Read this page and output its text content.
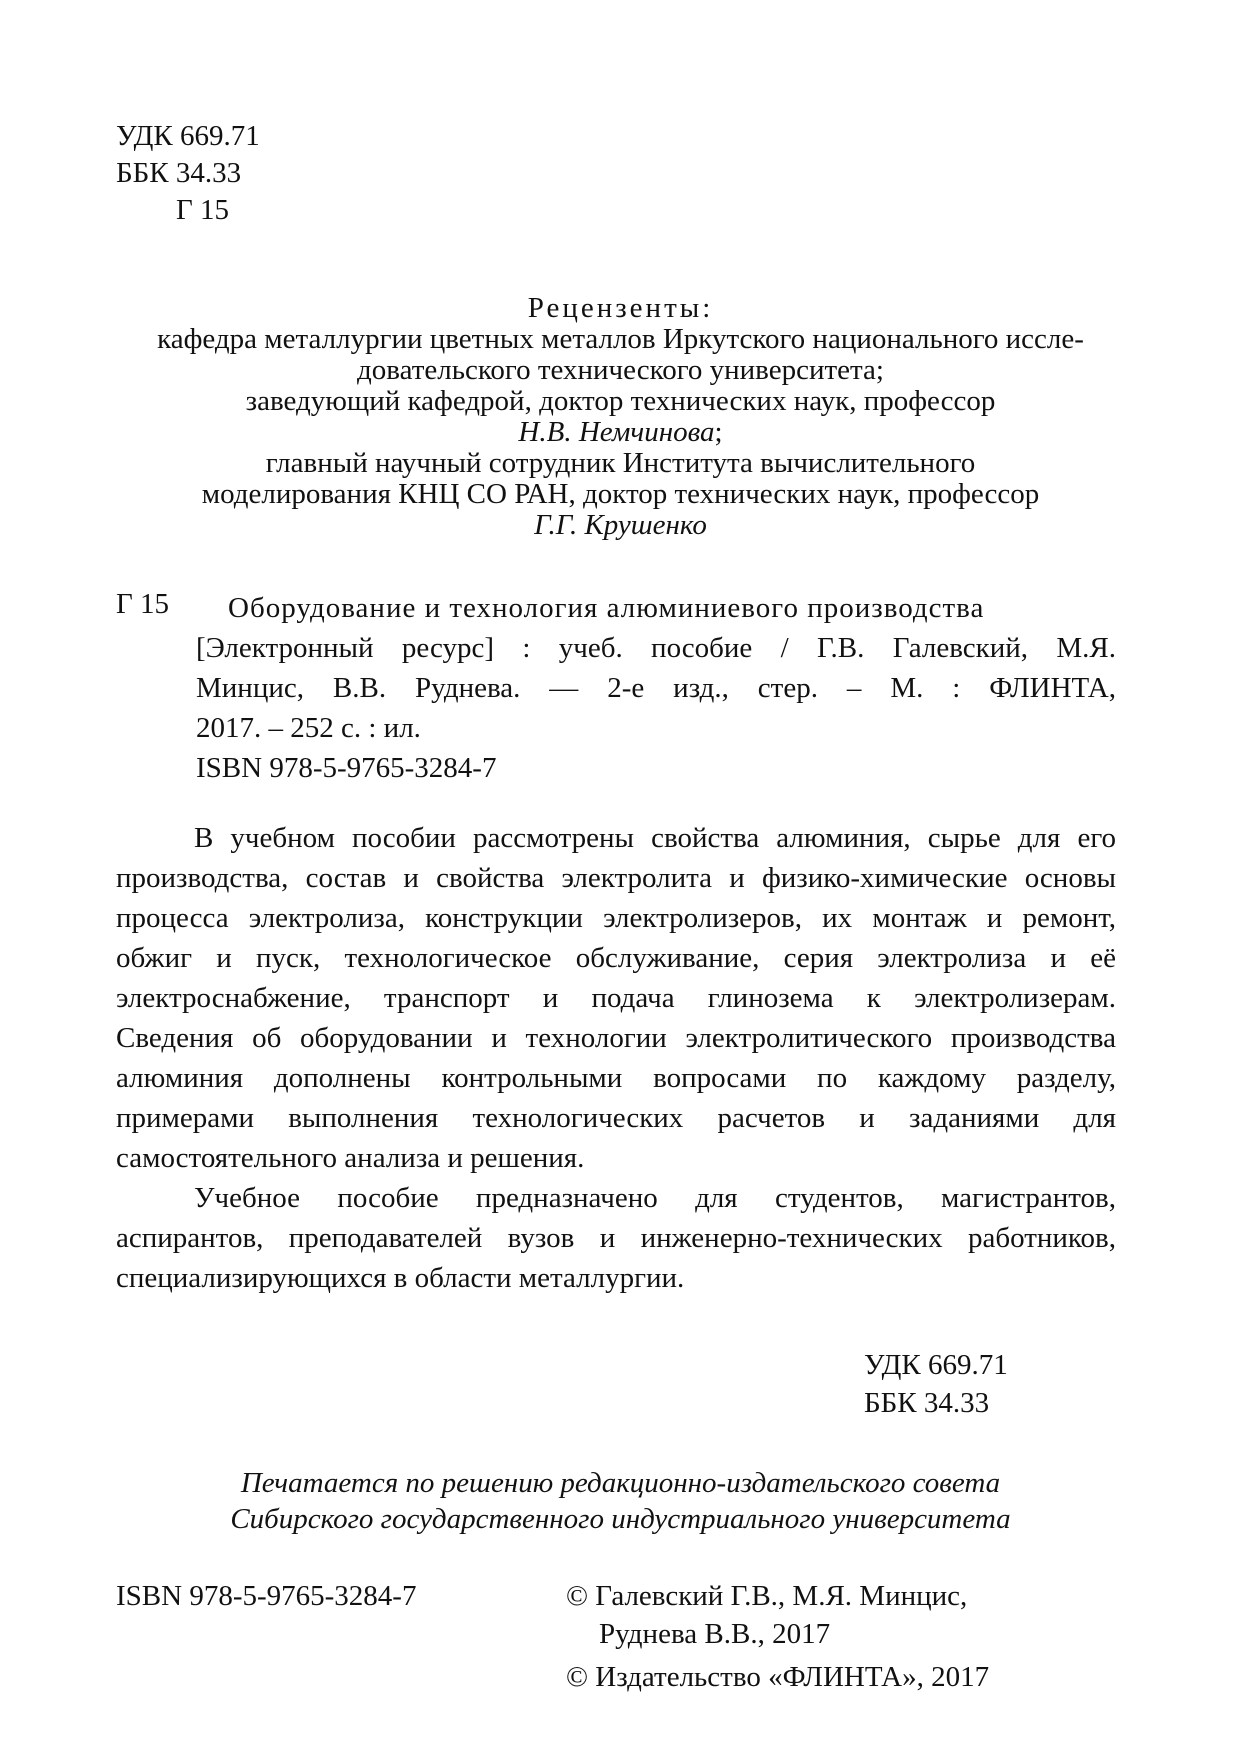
УДК 669.71
ББК 34.33
Г 15
Рецензенты:
кафедра металлургии цветных металлов Иркутского национального иссле-
довательского технического университета;
заведующий кафедрой, доктор технических наук, профессор
Н.В. Немчинова;
главный научный сотрудник Института вычислительного
моделирования КНЦ СО РАН, доктор технических наук, профессор
Г.Г. Крушенко
Г 15 Оборудование и технология алюминиевого производства
[Электронный ресурс] : учеб. пособие / Г.В. Галевский, М.Я.
Минцис, В.В. Руднева. — 2-е изд., стер. – М. : ФЛИНТА,
2017. – 252 с. : ил.
ISBN 978-5-9765-3284-7
В учебном пособии рассмотрены свойства алюминия, сырье для его
производства, состав и свойства электролита и физико-химические основы
процесса электролиза, конструкции электролизеров, их монтаж и ремонт,
обжиг и пуск, технологическое обслуживание, серия электролиза и её
электроснабжение, транспорт и подача глинозема к электролизерам.
Сведения об оборудовании и технологии электролитического производства
алюминия дополнены контрольными вопросами по каждому разделу,
примерами выполнения технологических расчетов и заданиями для
самостоятельного анализа и решения.
Учебное пособие предназначено для студентов, магистрантов,
аспирантов, преподавателей вузов и инженерно-технических работников,
специализирующихся в области металлургии.
УДК 669.71
ББК 34.33
Печатается по решению редакционно-издательского совета
Сибирского государственного индустриального университета
ISBN 978-5-9765-3284-7	© Галевский Г.В., М.Я. Минцис,
Руднева В.В., 2017
© Издательство «ФЛИНТА», 2017
